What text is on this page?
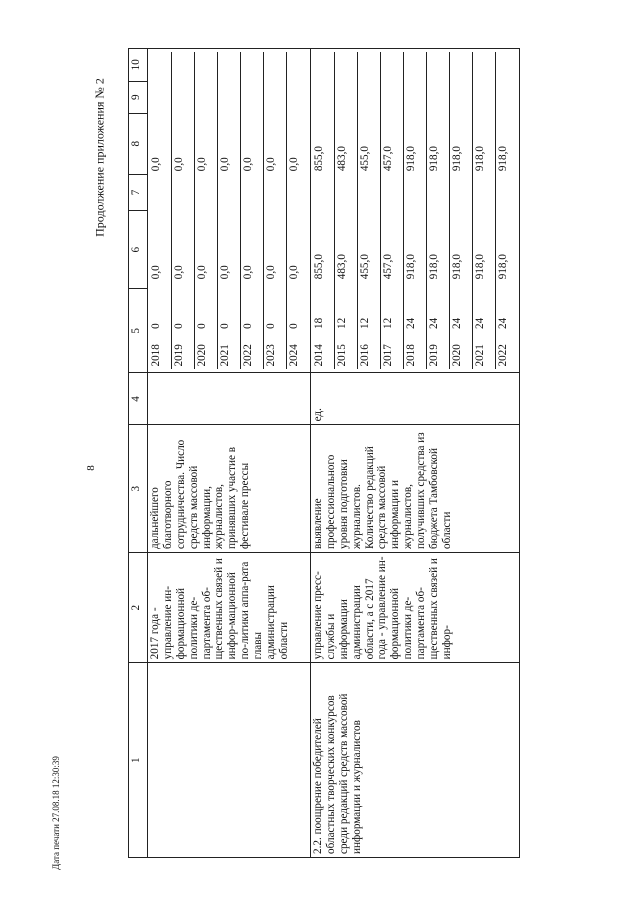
8
Продолжение приложения № 2
Дата печати 27.08.18 12:30:39	1	2	3	4	5	6	7	8	9	10
	2017 года - управление ин-формационной политики де-партамента об-щественных связей и инфор-мационной по-литики аппа-рата главы администрации области	дальнейшего благотворного сотрудничества. Число средств массовой информации, журналистов, принявших участие в фестивале прессы		
2018	0	0,0		0,0		
2019	0	0,0		0,0		
2020	0	0,0		0,0		
2021	0	0,0		0,0		
2022	0	0,0		0,0		
2023	0	0,0		0,0		
2024	0	0,0		0,0		

2.2. поощрение победителей областных творческих конкурсов среди редакций средств массовой информации и журналистов	управление пресс-службы и информации администрации области, а с 2017 года - управление ин-формационной политики де-партамента об-щественных связей и инфор-	выявление профессионального уровня подготовки журналистов. Количество редакций средств массовой информации и журналистов, получивших средства из бюджета Тамбовской области	ед.	
2014	18	855,0		855,0		
2015	12	483,0		483,0		
2016	12	455,0		455,0		
2017	12	457,0		457,0		
2018	24	918,0		918,0		
2019	24	918,0		918,0		
2020	24	918,0		918,0		
2021	24	918,0		918,0		
2022	24	918,0		918,0		
